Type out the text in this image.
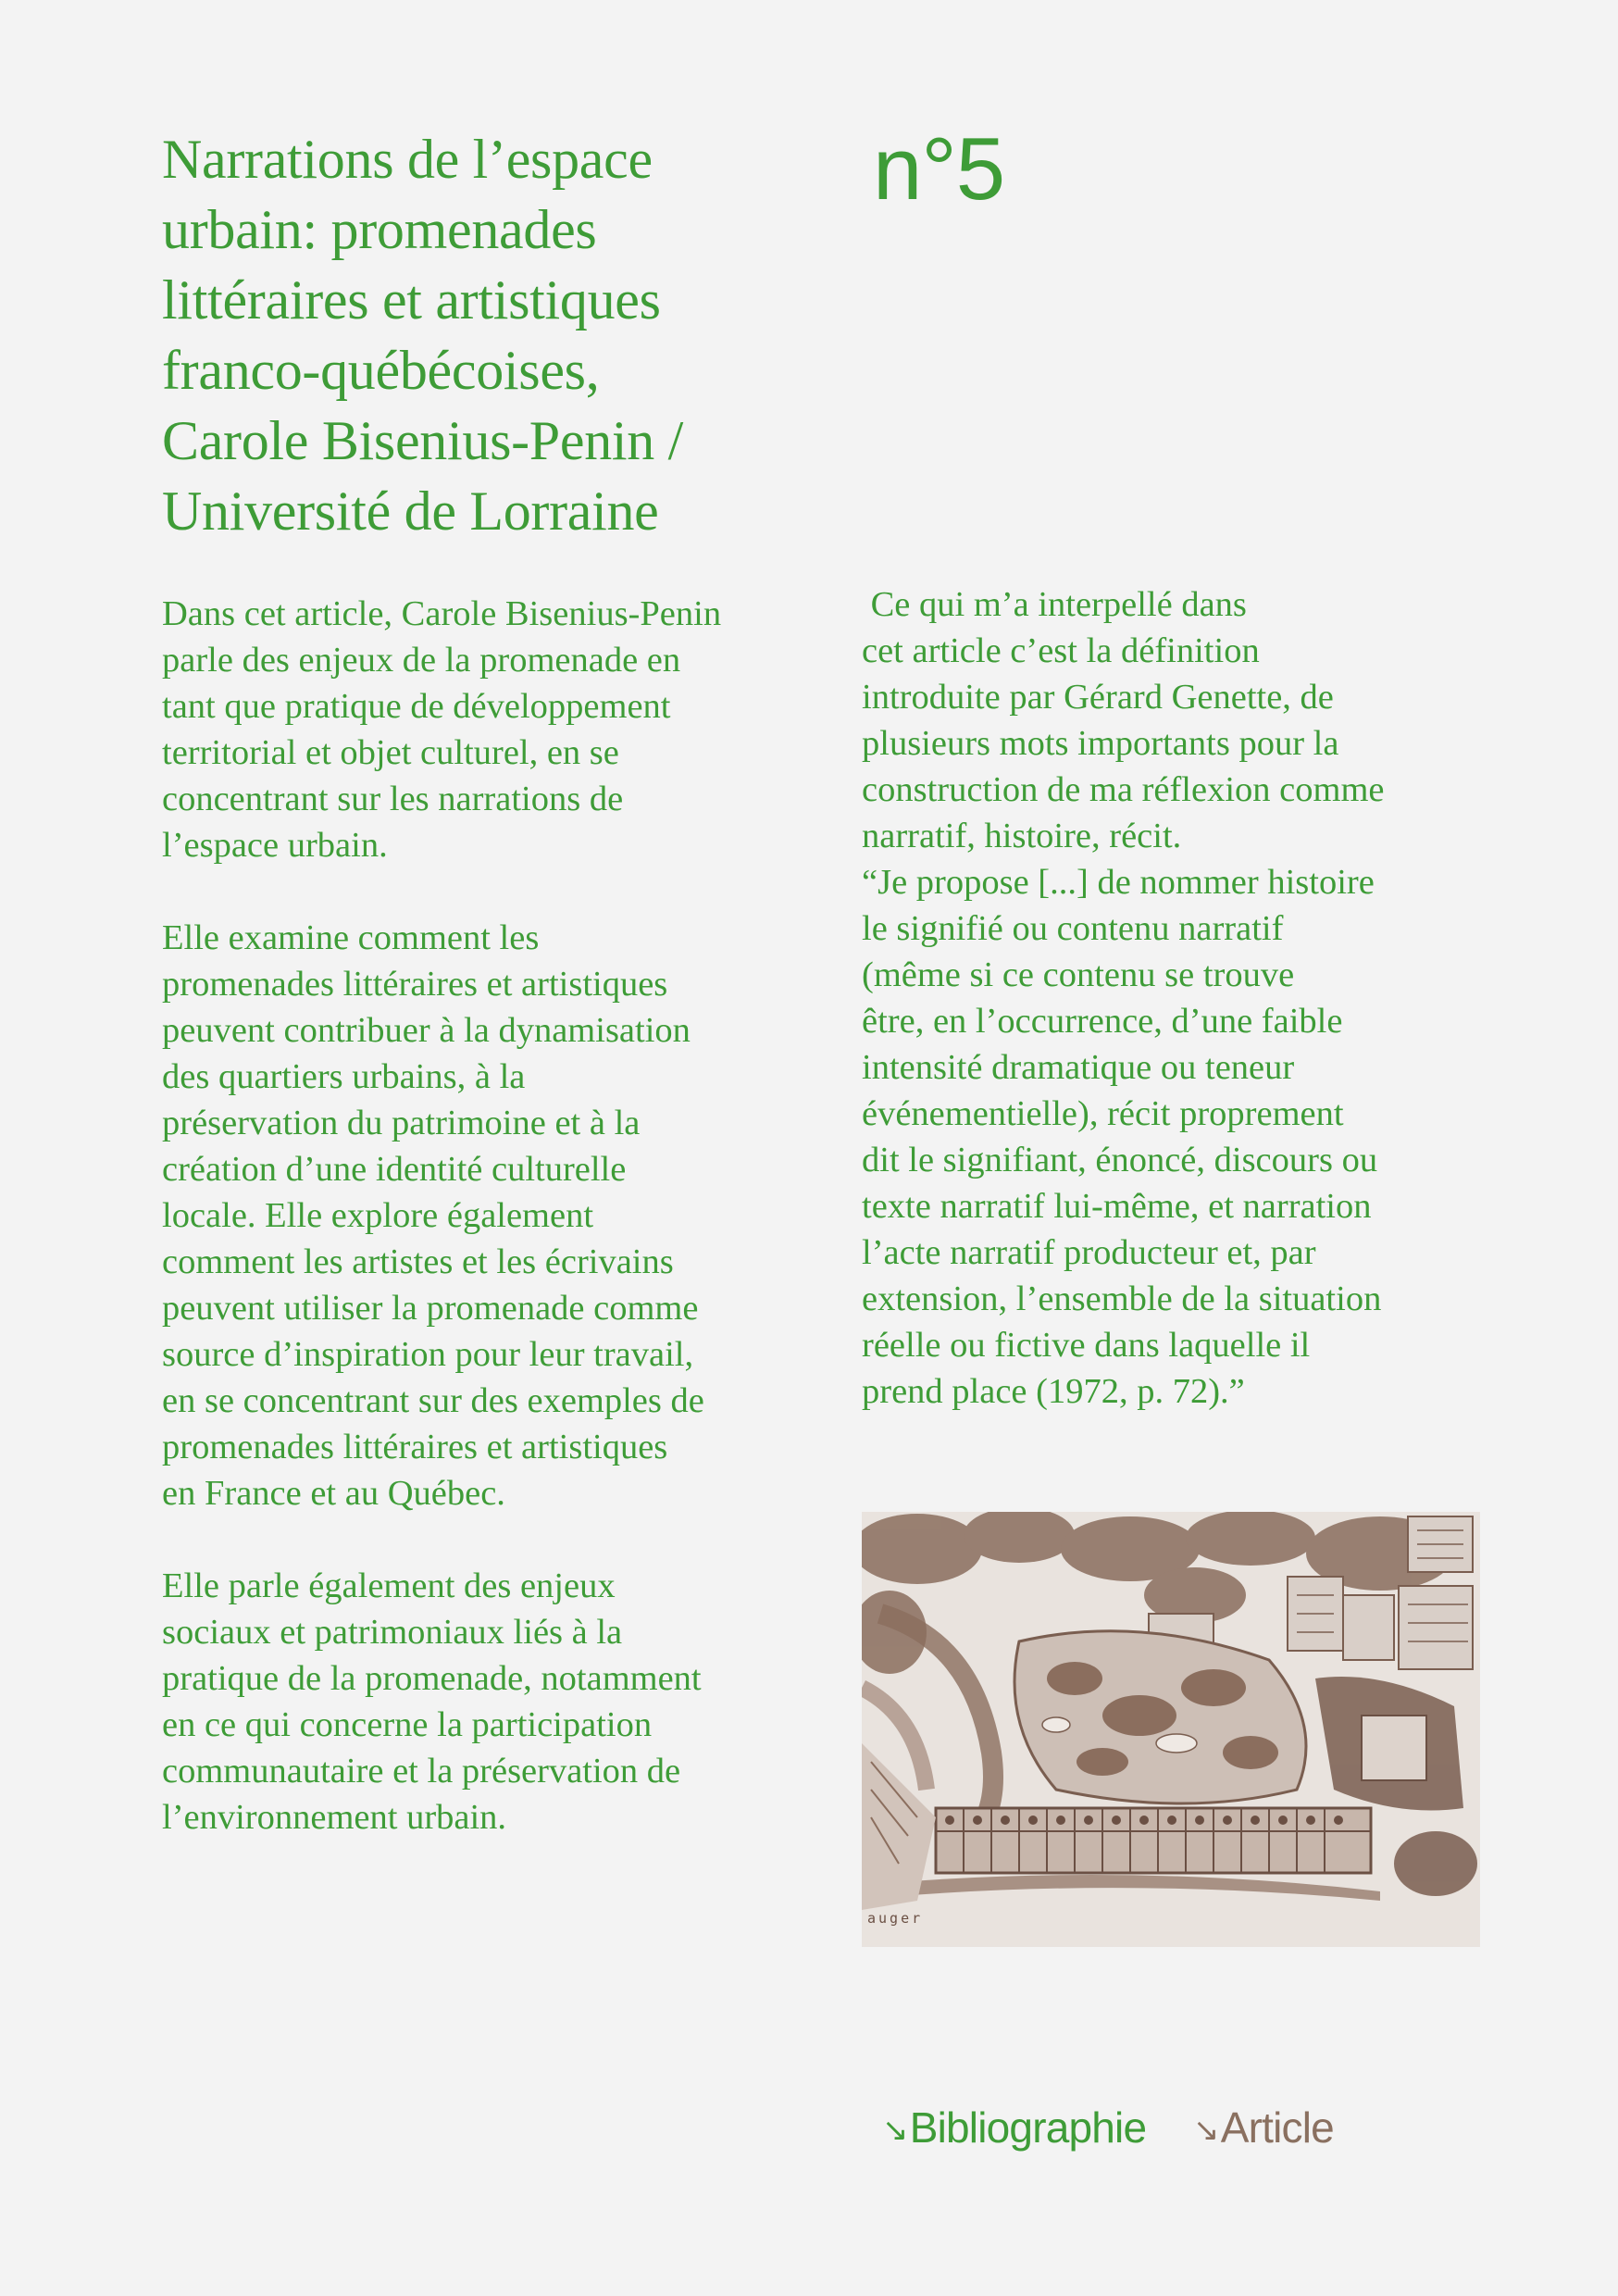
Narrations de l’espace
urbain: promenades
littéraires et artistiques
franco-québécoises,
Carole Bisenius-Penin /
Université de Lorraine
n°5

Dans cet article, Carole Bisenius-Penin
parle des enjeux de la promenade en
tant que pratique de développement
territorial et objet culturel, en se
concentrant sur les narrations de
l’espace urbain.

Elle examine comment les
promenades littéraires et artistiques
peuvent contribuer à la dynamisation
des quartiers urbains, à la
préservation du patrimoine et à la
création d’une identité culturelle
locale. Elle explore également
comment les artistes et les écrivains
peuvent utiliser la promenade comme
source d’inspiration pour leur travail,
en se concentrant sur des exemples de
promenades littéraires et artistiques
en France et au Québec.

Elle parle également des enjeux
sociaux et patrimoniaux liés à la
pratique de la promenade, notamment
en ce qui concerne la participation
communautaire et la préservation de
l’environnement urbain.

Ce qui m’a interpellé dans
cet article c’est la définition
introduite par Gérard Genette, de
plusieurs mots importants pour la
construction de ma réflexion comme
narratif, histoire, récit.
“Je propose [...] de nommer histoire
le signifié ou contenu narratif
(même si ce contenu se trouve
être, en l’occurrence, d’une faible
intensité dramatique ou teneur
événementielle), récit proprement
dit le signifiant, énoncé, discours ou
texte narratif lui-même, et narration
l’acte narratif producteur et, par
extension, l’ensemble de la situation
réelle ou fictive dans laquelle il
prend place (1972, p. 72).”

auger
↘Bibliographie ↘Article
